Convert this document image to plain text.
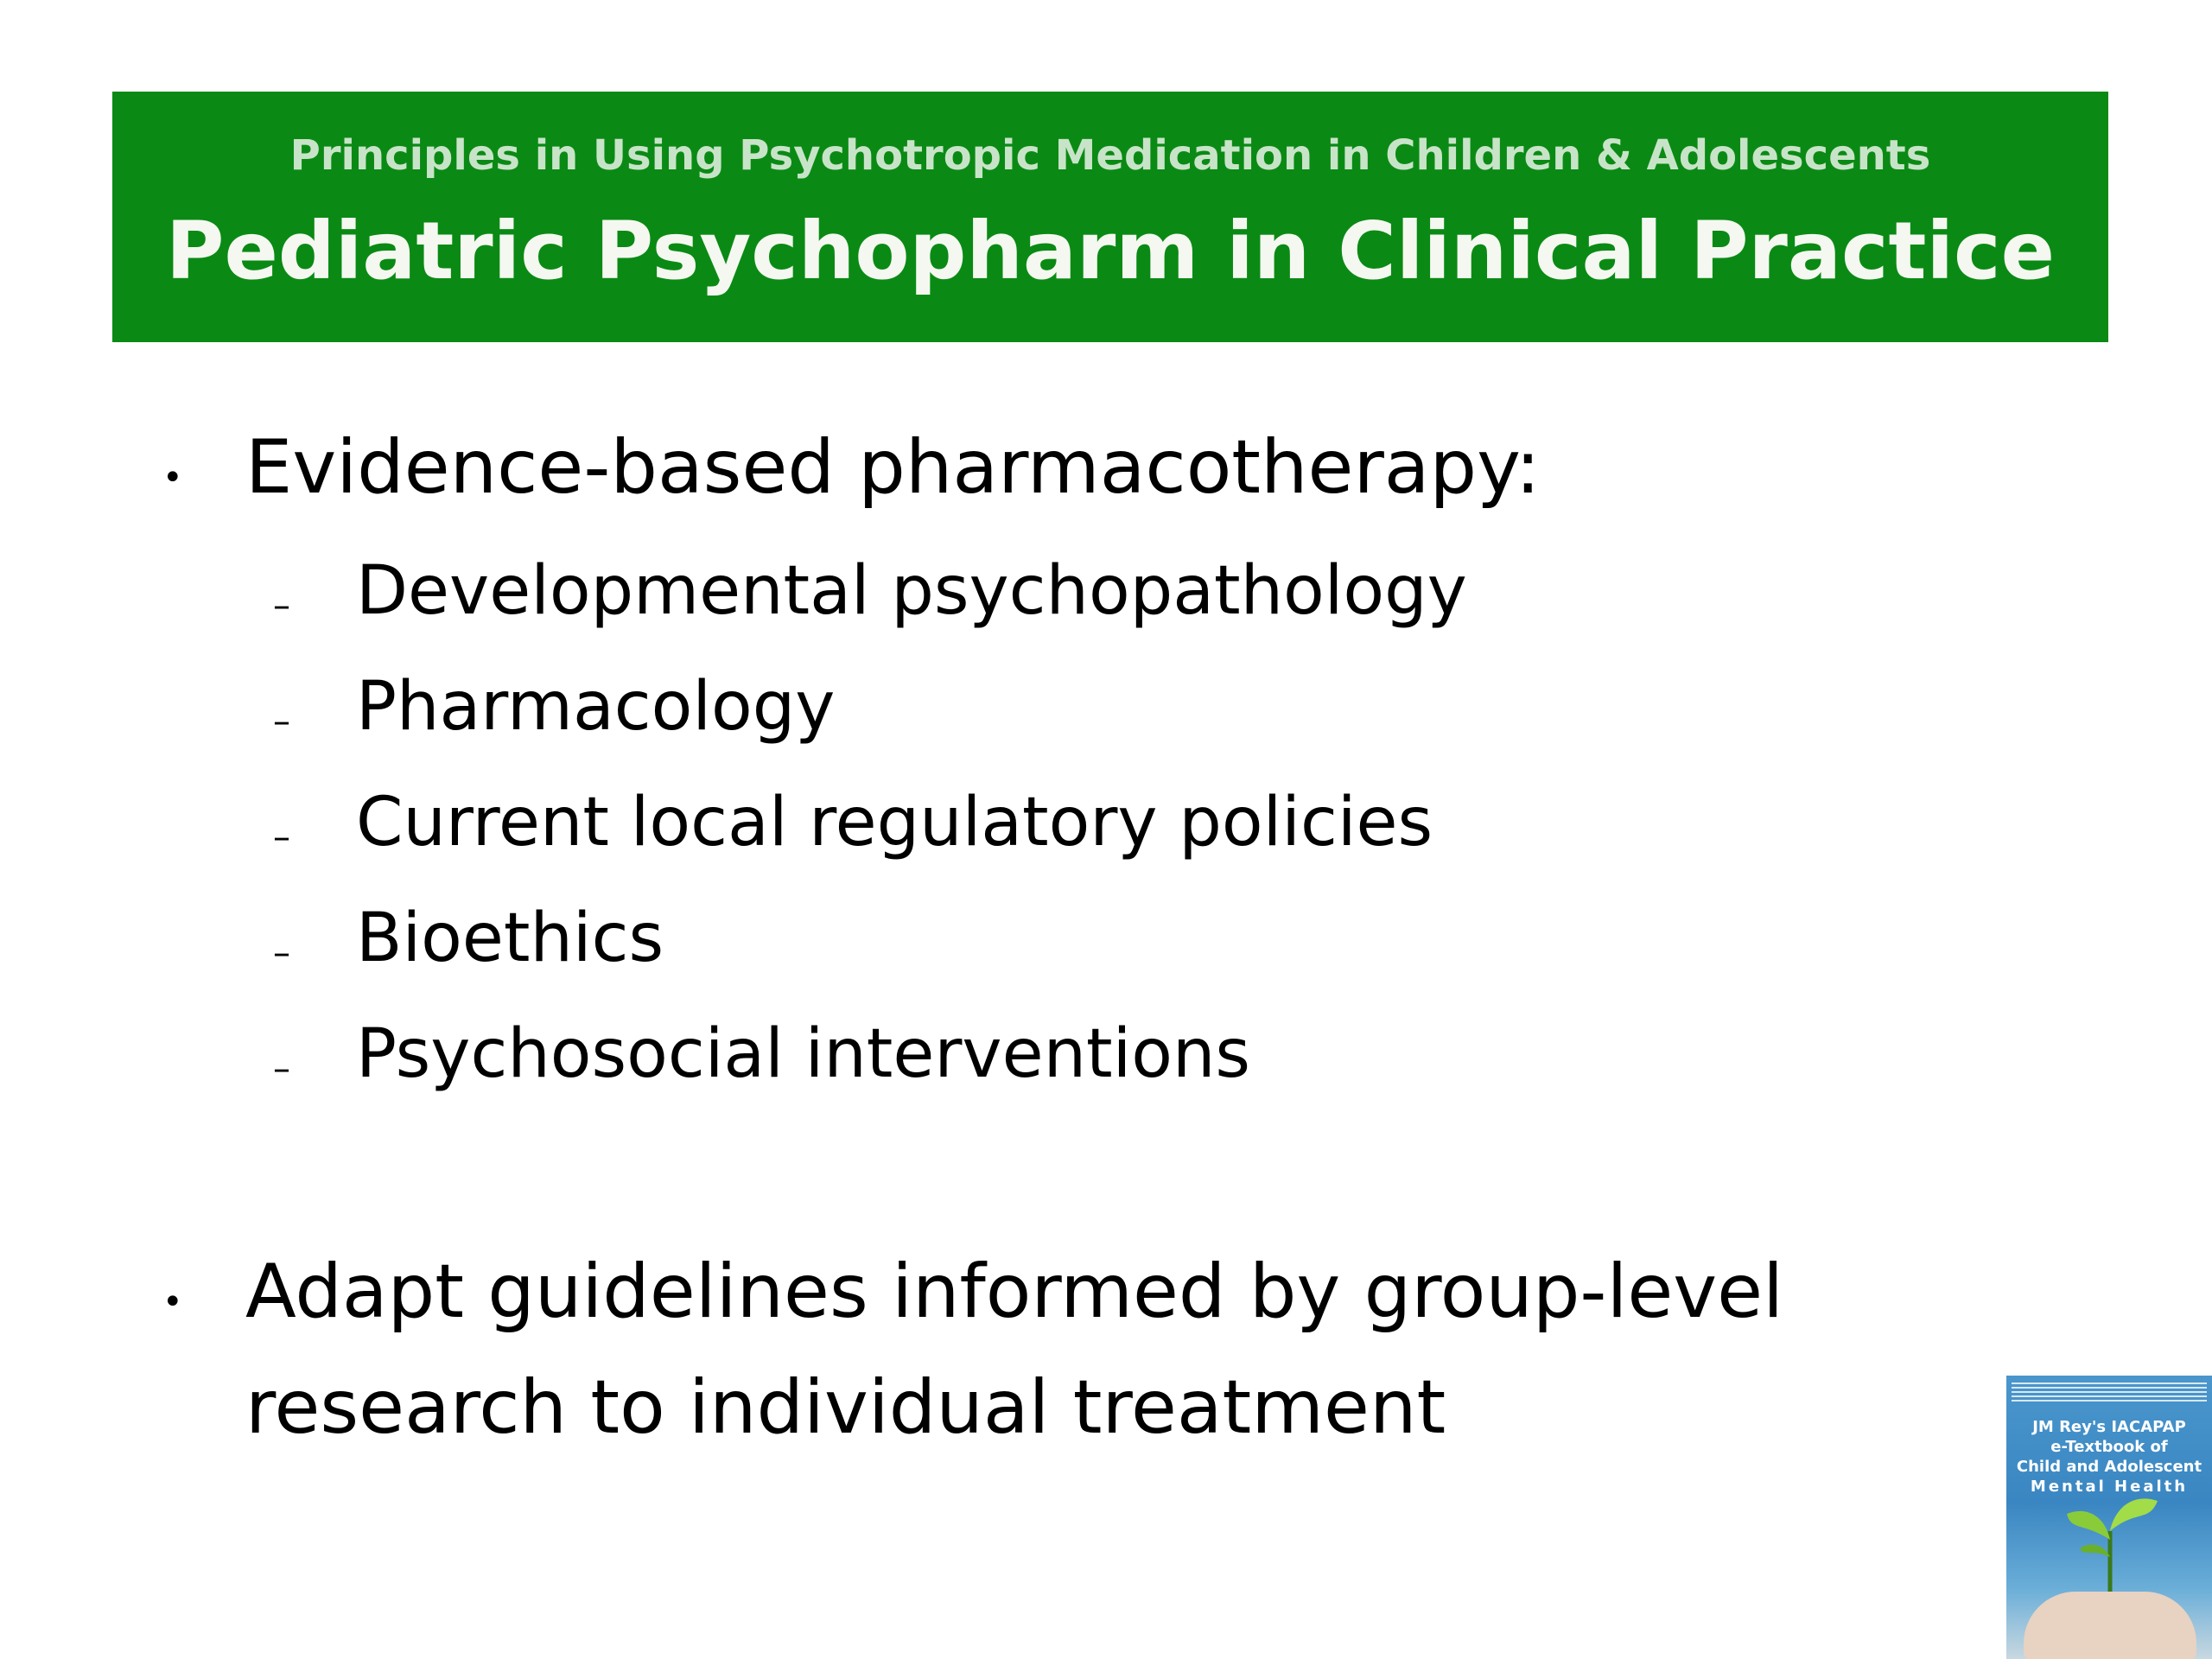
Principles in Using Psychotropic Medication in Children & Adolescents
Pediatric Psychopharm in Clinical Practice
• Evidence-based pharmacotherapy:
– Developmental psychopathology
– Pharmacology
– Current local regulatory policies
– Bioethics
– Psychosocial interventions
• Adapt guidelines informed by group-level
research to individual treatment	JM Rey's IACAPAP
e-Textbook of
Child and Adolescent
Mental Health
